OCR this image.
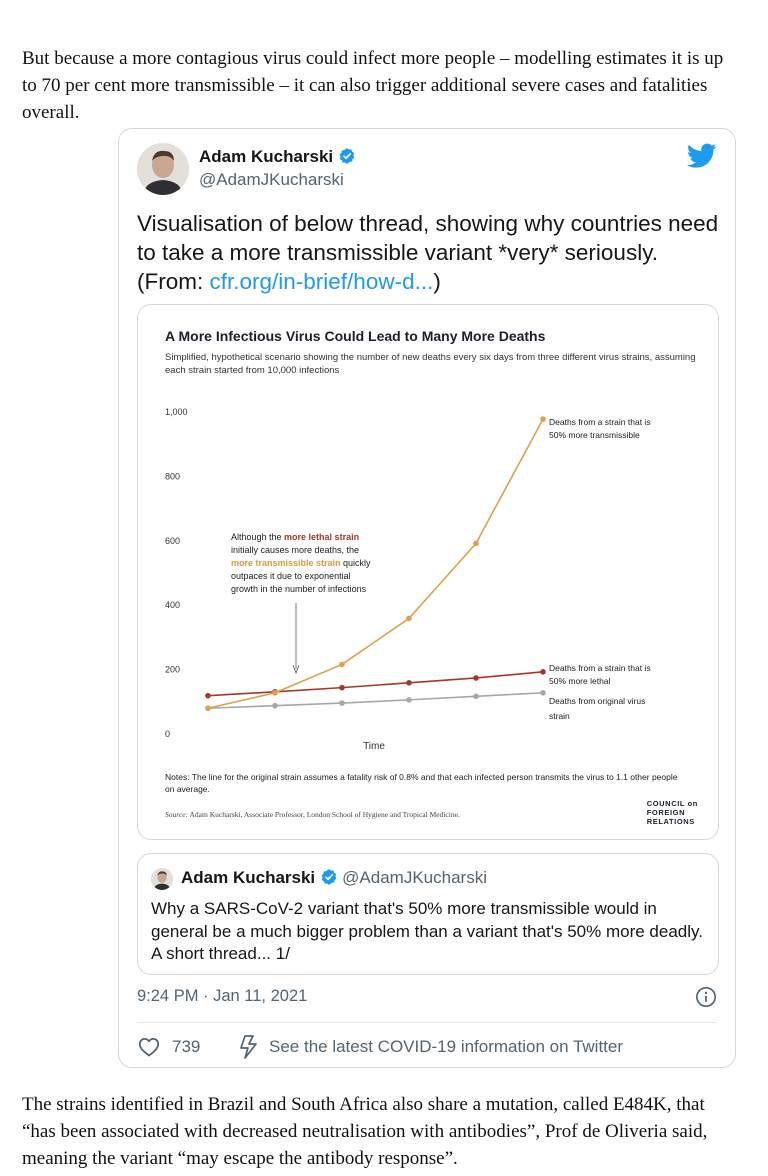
But because a more contagious virus could infect more people – modelling estimates it is up to 70 per cent more transmissible – it can also trigger additional severe cases and fatalities overall.

Adam Kucharski
@AdamJKucharski
Visualisation of below thread, showing why countries need to take a more transmissible variant *very* seriously. (From: cfr.org/in-brief/how-d...)
A More Infectious Virus Could Lead to Many More Deaths
Simplified, hypothetical scenario showing the number of new deaths every six days from three different virus strains, assuming each strain started from 10,000 infections
0
200
400
600
800
1,000
Time
Deaths from a strain that is
50% more transmissible
Deaths from a strain that is
50% more lethal
Deaths from original virus
strain
Although the more lethal strain
initially causes more deaths, the
more transmissible strain quickly
outpaces it due to exponential
growth in the number of infections
Notes: The line for the original strain assumes a fatality risk of 0.8% and that each infected person transmits the virus to 1.1 other people on average.
Source: Adam Kucharski, Associate Professor, London School of Hygiene and Tropical Medicine.
COUNCIL on
FOREIGN
RELATIONS
Adam Kucharski @AdamJKucharski
Why a SARS-CoV-2 variant that's 50% more transmissible would in general be a much bigger problem than a variant that's 50% more deadly. A short thread... 1/
9:24 PM · Jan 11, 2021
739	See the latest COVID-19 information on Twitter

The strains identified in Brazil and South Africa also share a mutation, called E484K, that “has been associated with decreased neutralisation with antibodies”, Prof de Oliveria said, meaning the variant “may escape the antibody response”.
